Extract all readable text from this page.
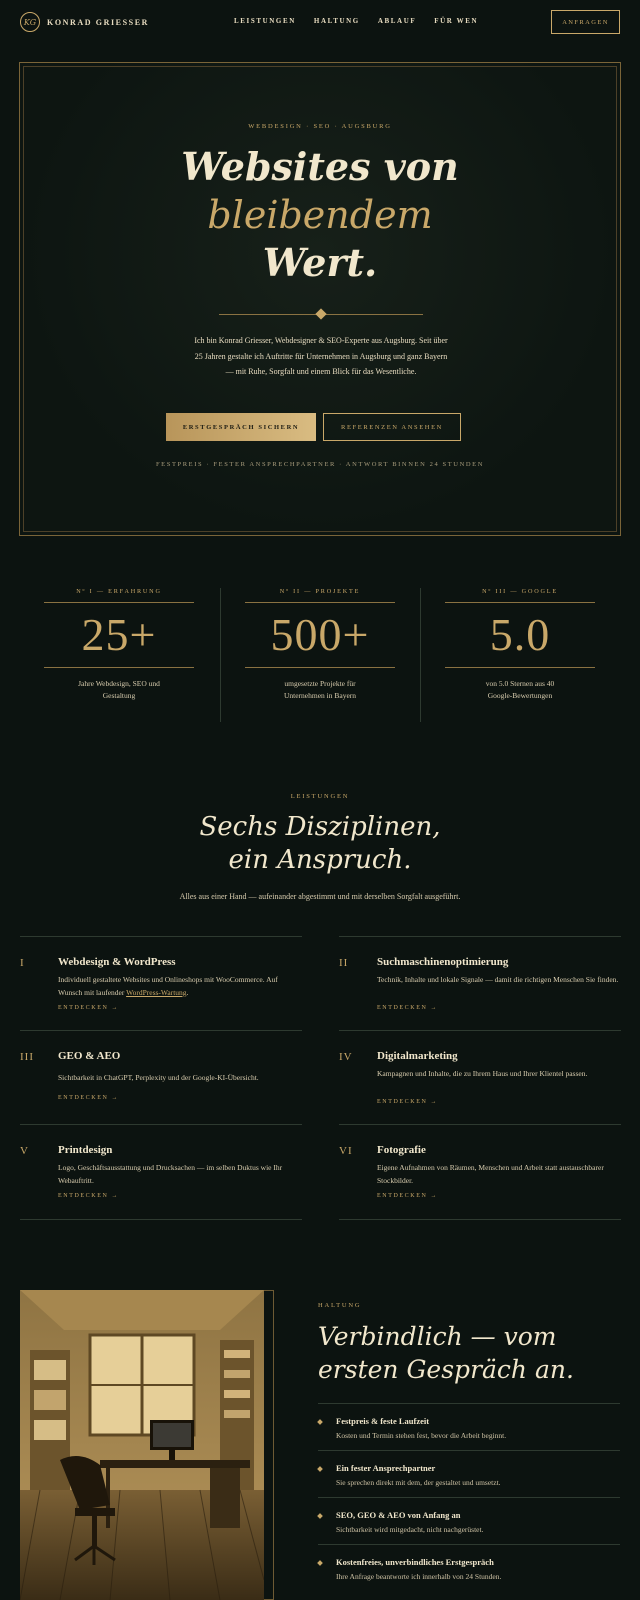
KG	KONRAD GRIESSER	LEISTUNGEN	HALTUNG	ABLAUF	FÜR WEN	ANFRAGEN
WEBDESIGN · SEO · AUGSBURG
Websites von
bleibendem
Wert.
Ich bin Konrad Griesser, Webdesigner & SEO-Experte aus Augsburg. Seit über 25 Jahren gestalte ich Auftritte für Unternehmen in Augsburg und ganz Bayern — mit Ruhe, Sorgfalt und einem Blick für das Wesentliche.
ERSTGESPRÄCH SICHERN	REFERENZEN ANSEHEN
FESTPREIS · FESTER ANSPRECHPARTNER · ANTWORT BINNEN 24 STUNDEN
Nº I — ERFAHRUNG
25+
Jahre Webdesign, SEO und Gestaltung
Nº II — PROJEKTE
500+
umgesetzte Projekte für Unternehmen in Bayern
Nº III — GOOGLE
5.0
von 5.0 Sternen aus 40 Google-Bewertungen
LEISTUNGEN
Sechs Disziplinen,
ein Anspruch.
Alles aus einer Hand — aufeinander abgestimmt und mit derselben Sorgfalt ausgeführt.
I	Webdesign & WordPress
Individuell gestaltete Websites und Onlineshops mit WooCommerce. Auf Wunsch mit laufender WordPress-Wartung.
ENTDECKEN →
II	Suchmaschinenoptimierung
Technik, Inhalte und lokale Signale — damit die richtigen Menschen Sie finden.
ENTDECKEN →
III GEO & AEO
Sichtbarkeit in ChatGPT, Perplexity und der Google-KI-Übersicht.
ENTDECKEN →
IV Digitalmarketing
Kampagnen und Inhalte, die zu Ihrem Haus und Ihrer Klientel passen.
ENTDECKEN →
V	Printdesign
Logo, Geschäftsausstattung und Drucksachen — im selben Duktus wie Ihr Webauftritt.
ENTDECKEN →
VI Fotografie
Eigene Aufnahmen von Räumen, Menschen und Arbeit statt austauschbarer Stockbilder.
ENTDECKEN →
HALTUNG
Verbindlich — vom
ersten Gespräch an.
Festpreis & feste Laufzeit
Kosten und Termin stehen fest, bevor die Arbeit beginnt.
Ein fester Ansprechpartner
Sie sprechen direkt mit dem, der gestaltet und umsetzt.
SEO, GEO & AEO von Anfang an
Sichtbarkeit wird mitgedacht, nicht nachgerüstet.
Kostenfreies, unverbindliches Erstgespräch
Ihre Anfrage beantworte ich innerhalb von 24 Stunden.
